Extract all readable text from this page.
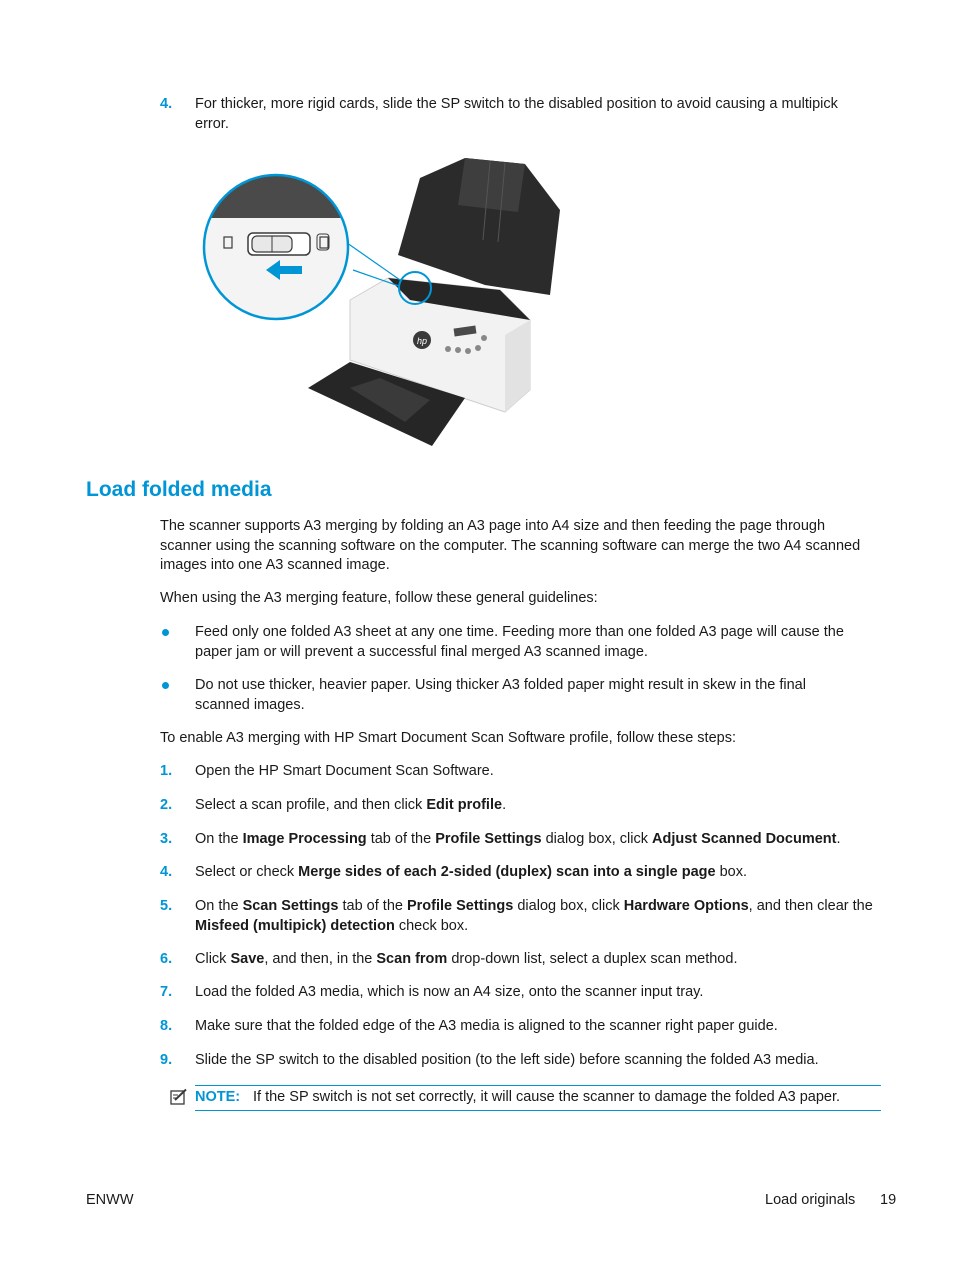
4. For thicker, more rigid cards, slide the SP switch to the disabled position to avoid causing a multipick
error.
hp
Load folded media
The scanner supports A3 merging by folding an A3 page into A4 size and then feeding the page through
scanner using the scanning software on the computer. The scanning software can merge the two A4 scanned
images into one A3 scanned image.
When using the A3 merging feature, follow these general guidelines:
Feed only one folded A3 sheet at any one time. Feeding more than one folded A3 page will cause the
paper jam or will prevent a successful final merged A3 scanned image.
Do not use thicker, heavier paper. Using thicker A3 folded paper might result in skew in the final
scanned images.
To enable A3 merging with HP Smart Document Scan Software profile, follow these steps:
1. Open the HP Smart Document Scan Software.
2. Select a scan profile, and then click Edit profile.
3. On the Image Processing tab of the Profile Settings dialog box, click Adjust Scanned Document.
4. Select or check Merge sides of each 2-sided (duplex) scan into a single page box.
5. On the Scan Settings tab of the Profile Settings dialog box, click Hardware Options, and then clear the
Misfeed (multipick) detection check box.
6. Click Save, and then, in the Scan from drop-down list, select a duplex scan method.
7. Load the folded A3 media, which is now an A4 size, onto the scanner input tray.
8. Make sure that the folded edge of the A3 media is aligned to the scanner right paper guide.
9. Slide the SP switch to the disabled position (to the left side) before scanning the folded A3 media.
NOTE: If the SP switch is not set correctly, it will cause the scanner to damage the folded A3 paper.
ENWW	Load originals 19
